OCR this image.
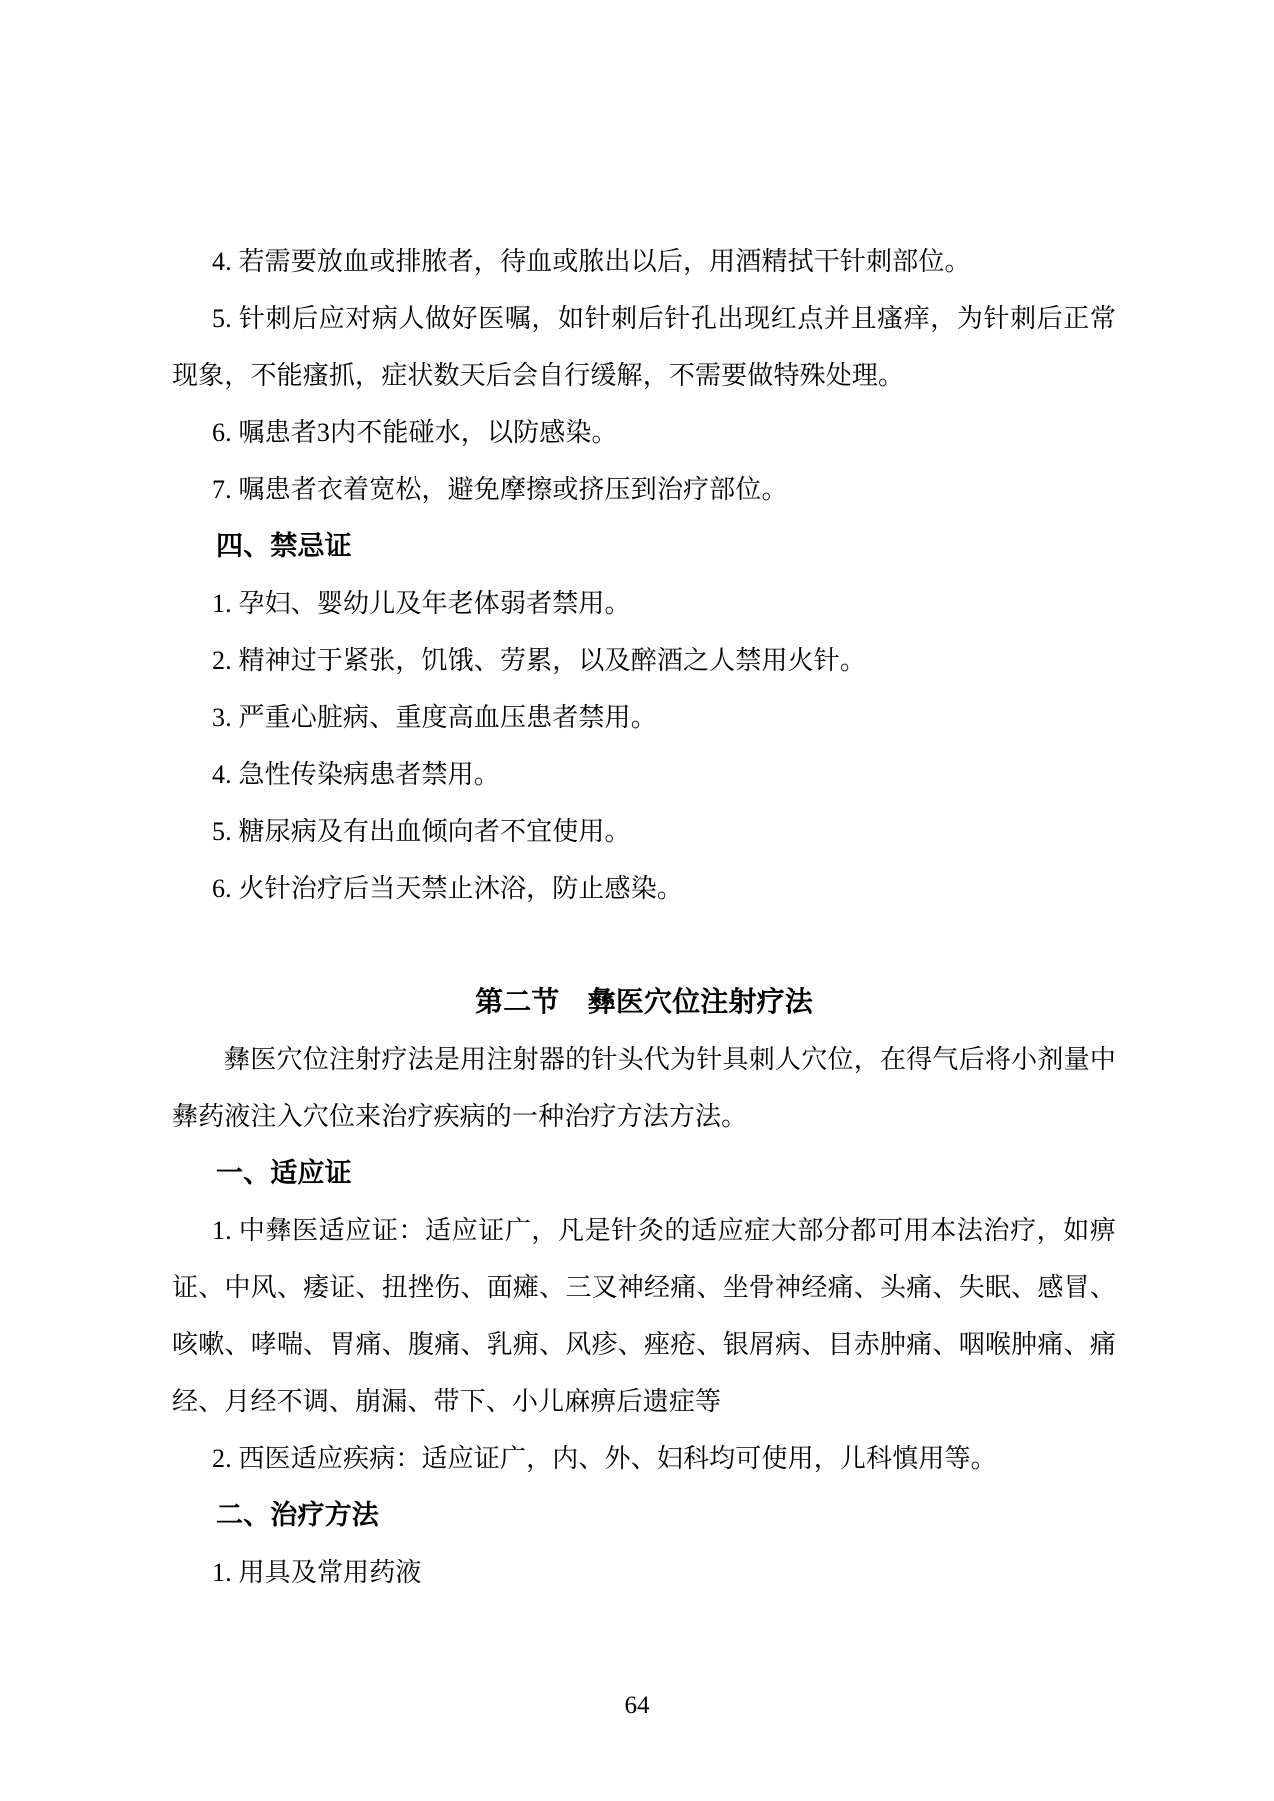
4. 若需要放血或排脓者，待血或脓出以后，用酒精拭干针刺部位。

5. 针刺后应对病人做好医嘱，如针刺后针孔出现红点并且瘙痒，为针刺后正常现象，不能瘙抓，症状数天后会自行缓解，不需要做特殊处理。

6. 嘱患者3内不能碰水，以防感染。

7. 嘱患者衣着宽松，避免摩擦或挤压到治疗部位。

四、禁忌证

1. 孕妇、婴幼儿及年老体弱者禁用。

2. 精神过于紧张，饥饿、劳累，以及醉酒之人禁用火针。

3. 严重心脏病、重度高血压患者禁用。

4. 急性传染病患者禁用。

5. 糖尿病及有出血倾向者不宜使用。

6. 火针治疗后当天禁止沐浴，防止感染。

第二节　彝医穴位注射疗法

彝医穴位注射疗法是用注射器的针头代为针具刺人穴位，在得气后将小剂量中彝药液注入穴位来治疗疾病的一种治疗方法方法。

一、适应证

1. 中彝医适应证：适应证广，凡是针灸的适应症大部分都可用本法治疗，如痹证、中风、痿证、扭挫伤、面瘫、三叉神经痛、坐骨神经痛、头痛、失眠、感冒、咳嗽、哮喘、胃痛、腹痛、乳痈、风疹、痤疮、银屑病、目赤肿痛、咽喉肿痛、痛经、月经不调、崩漏、带下、小儿麻痹后遗症等

2. 西医适应疾病：适应证广，内、外、妇科均可使用，儿科慎用等。

二、治疗方法

1. 用具及常用药液

64
